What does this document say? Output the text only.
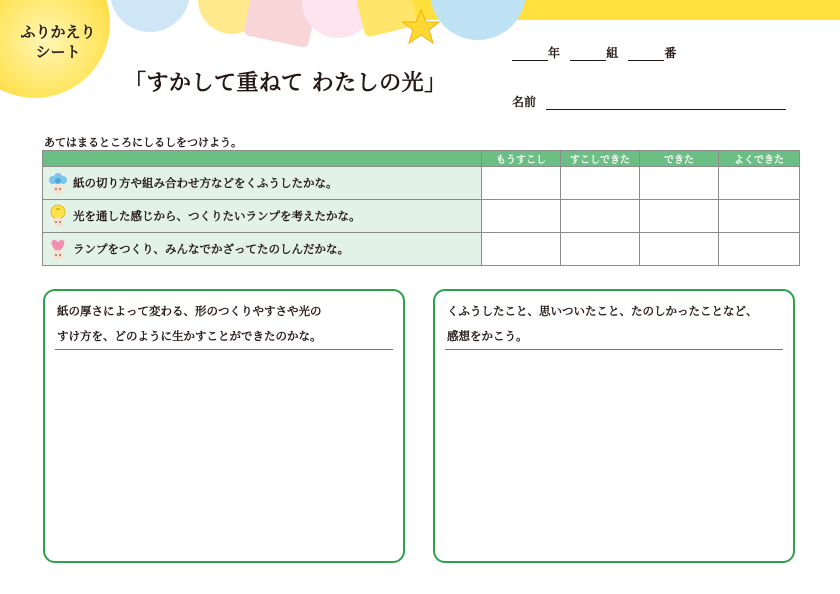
ふりかえり
シート
「すかして重ねて わたしの光」
年	組	番
名前
あてはまるところにしるしをつけよう。
	もうすこし	すこしできた	できた	よくできた

紙の切り方や組み合わせ方などをくふうしたかな。				

光を通した感じから、つくりたいランプを考えたかな。				

ランプをつくり、みんなでかざってたのしんだかな。				

紙の厚さによって変わる、形のつくりやすさや光の
すけ方を、どのように生かすことができたのかな。
くふうしたこと、思いついたこと、たのしかったことなど、
感想をかこう。
